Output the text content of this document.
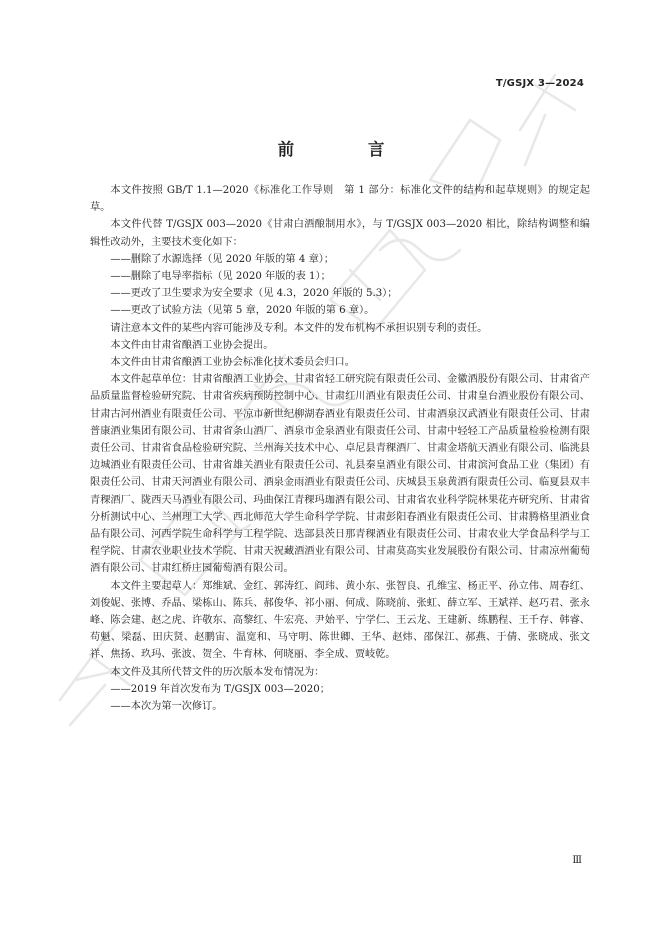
T/GSJX 3—2024
前 言

本文件按照 GB/T 1.1—2020《标准化工作导则　第 1 部分：标准化文件的结构和起草规则》的规定起草。

本文件代替 T/GSJX 003—2020《甘肃白酒酿制用水》，与 T/GSJX 003—2020 相比，除结构调整和编辑性改动外，主要技术变化如下：

——删除了水源选择（见 2020 年版的第 4 章）；

——删除了电导率指标（见 2020 年版的表 1）；

——更改了卫生要求为安全要求（见 4.3，2020 年版的 5.3）；

——更改了试验方法（见第 5 章，2020 年版的第 6 章）。

请注意本文件的某些内容可能涉及专利。本文件的发布机构不承担识别专利的责任。

本文件由甘肃省酿酒工业协会提出。

本文件由甘肃省酿酒工业协会标准化技术委员会归口。

本文件起草单位：甘肃省酿酒工业协会、甘肃省轻工研究院有限责任公司、金徽酒股份有限公司、甘肃省产品质量监督检验研究院、甘肃省疾病预防控制中心、甘肃红川酒业有限责任公司、甘肃皇台酒业股份有限公司、甘肃古河州酒业有限责任公司、平凉市新世纪柳湖春酒业有限责任公司、甘肃酒泉汉武酒业有限责任公司、甘肃普康酒业集团有限公司、甘肃省条山酒厂、酒泉市金泉酒业有限责任公司、甘肃中轻轻工产品质量检验检测有限责任公司、甘肃省食品检验研究院、兰州海关技术中心、卓尼县青稞酒厂、甘肃金塔航天酒业有限公司、临洮县边城酒业有限责任公司、甘肃省雄关酒业有限责任公司、礼县秦皇酒业有限公司、甘肃滨河食品工业（集团）有限责任公司、甘肃天河酒业有限公司、酒泉金雨酒业有限责任公司、庆城县玉泉黄酒有限责任公司、临夏县双丰青稞酒厂、陇西天马酒业有限公司、玛曲保江青稞玛珈酒有限公司、甘肃省农业科学院林果花卉研究所、甘肃省分析测试中心、兰州理工大学、西北师范大学生命科学学院、甘肃彭阳春酒业有限责任公司、甘肃腾格里酒业食品有限公司、河西学院生命科学与工程学院、迭部县茨日那青稞酒业有限责任公司、甘肃农业大学食品科学与工程学院、甘肃农业职业技术学院、甘肃天祝藏酒酒业有限公司、甘肃莫高实业发展股份有限公司、甘肃凉州葡萄酒有限公司、甘肃红桥庄园葡萄酒有限公司。

本文件主要起草人：郑维斌、金红、郭涛红、阎玮、黄小东、张智良、孔维宝、杨正平、孙立伟、周春红、刘俊妮、张博、乔晶、梁栋山、陈兵、郝俊华、祁小丽、何成、陈晓前、张虹、薛立军、王斌祥、赵巧君、张永峰、陈会建、赵之虎、许敬东、高黎红、牛宏亮、尹始平、宁学仁、王云龙、王建新、练鹏程、王千存、韩睿、苟魁、梁磊、田庆贤、赵鹏宙、温宽和、马守明、陈世卿、王华、赵炜、邵保江、郝燕、于倩、张晓成、张文祥、焦扬、玖玛、张波、贺全、牛育林、何晓丽、李全成、贾岐乾。

本文件及其所代替文件的历次版本发布情况为：

——2019 年首次发布为 T/GSJX 003—2020；

——本次为第一次修订。

Ⅲ
